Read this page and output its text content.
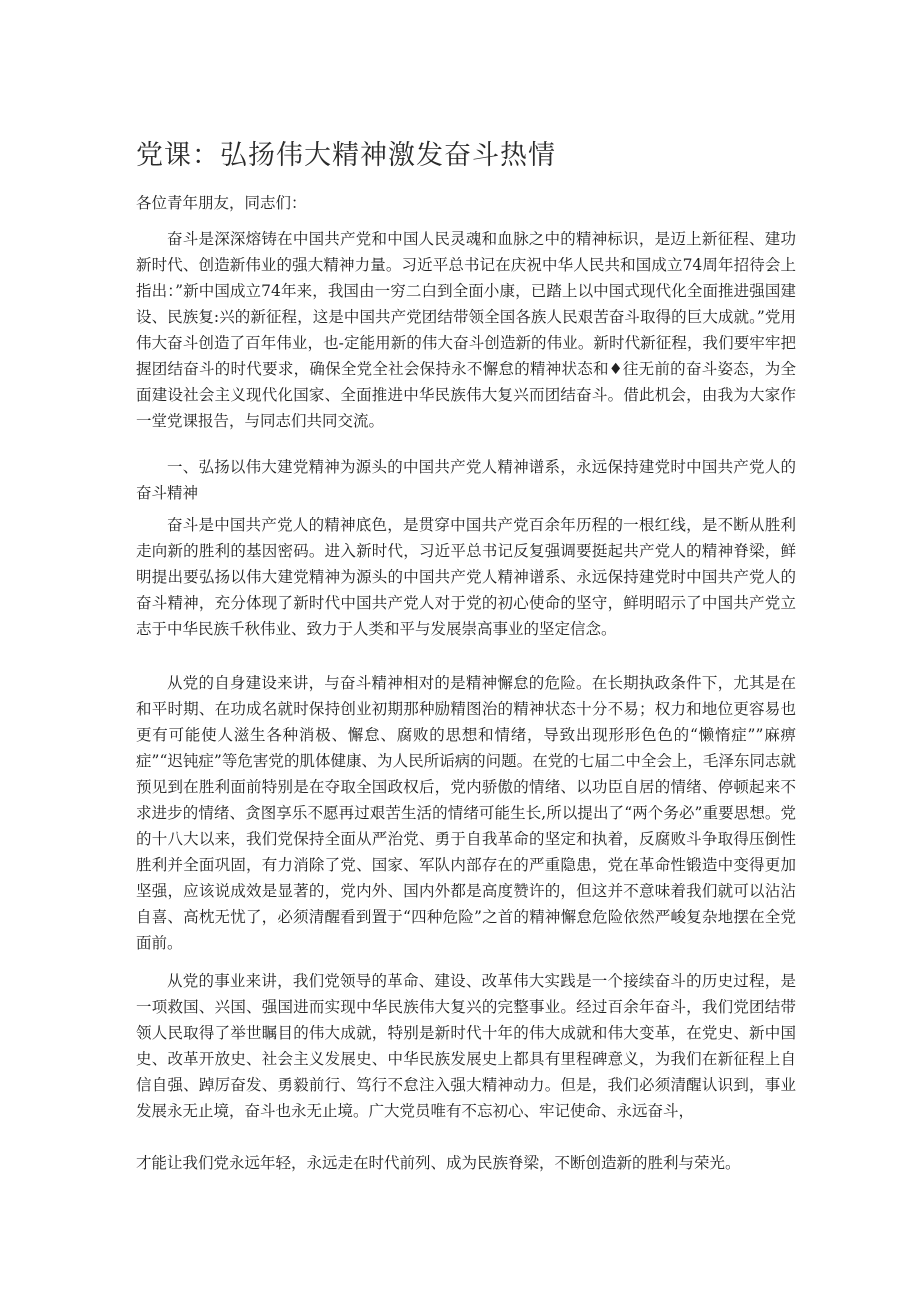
党课：弘扬伟大精神激发奋斗热情
各位青年朋友，同志们：

奋斗是深深熔铸在中国共产党和中国人民灵魂和血脉之中的精神标识，是迈上新征程、建功新时代、创造新伟业的强大精神力量。习近平总书记在庆祝中华人民共和国成立74周年招待会上指出：”新中国成立74年来，我国由一穷二白到全面小康，已踏上以中国式现代化全面推进强国建设、民族复:兴的新征程，这是中国共产党团结带领全国各族人民艰苦奋斗取得的巨大成就。”党用伟大奋斗创造了百年伟业，也-定能用新的伟大奋斗创造新的伟业。新时代新征程，我们要牢牢把握团结奋斗的时代要求，确保全党全社会保持永不懈怠的精神状态和♦往无前的奋斗姿态，为全面建设社会主义现代化国家、全面推进中华民族伟大复兴而团结奋斗。借此机会，由我为大家作一堂党课报告，与同志们共同交流。

一、弘扬以伟大建党精神为源头的中国共产党人精神谱系，永远保持建党时中国共产党人的奋斗精神

奋斗是中国共产党人的精神底色，是贯穿中国共产党百余年历程的一根红线，是不断从胜利走向新的胜利的基因密码。进入新时代，习近平总书记反复强调要挺起共产党人的精神脊梁，鲜明提出要弘扬以伟大建党精神为源头的中国共产党人精神谱系、永远保持建党时中国共产党人的奋斗精神，充分体现了新时代中国共产党人对于党的初心使命的坚守，鲜明昭示了中国共产党立志于中华民族千秋伟业、致力于人类和平与发展崇高事业的坚定信念。

从党的自身建设来讲，与奋斗精神相对的是精神懈怠的危险。在长期执政条件下，尤其是在和平时期、在功成名就时保持创业初期那种励精图治的精神状态十分不易；权力和地位更容易也更有可能使人滋生各种消极、懈怠、腐败的思想和情绪，导致出现形形色色的“懒惰症””麻痹症”“迟钝症”等危害党的肌体健康、为人民所诟病的问题。在党的七届二中全会上，毛泽东同志就预见到在胜利面前特别是在夺取全国政权后，党内骄傲的情绪、以功臣自居的情绪、停顿起来不求进步的情绪、贪图享乐不愿再过艰苦生活的情绪可能生长,所以提出了“两个务必”重要思想。党的十八大以来，我们党保持全面从严治党、勇于自我革命的坚定和执着，反腐败斗争取得压倒性胜利并全面巩固，有力消除了党、国家、军队内部存在的严重隐患，党在革命性锻造中变得更加坚强，应该说成效是显著的，党内外、国内外都是高度赞许的，但这并不意味着我们就可以沾沾自喜、高枕无忧了，必须清醒看到置于“四种危险”之首的精神懈怠危险依然严峻复杂地摆在全党面前。

从党的事业来讲，我们党领导的革命、建设、改革伟大实践是一个接续奋斗的历史过程，是一项救国、兴国、强国进而实现中华民族伟大复兴的完整事业。经过百余年奋斗，我们党团结带领人民取得了举世瞩目的伟大成就，特别是新时代十年的伟大成就和伟大变革，在党史、新中国史、改革开放史、社会主义发展史、中华民族发展史上都具有里程碑意义，为我们在新征程上自信自强、踔厉奋发、勇毅前行、笃行不怠注入强大精神动力。但是，我们必须清醒认识到，事业发展永无止境，奋斗也永无止境。广大党员唯有不忘初心、牢记使命、永远奋斗，

才能让我们党永远年轻，永远走在时代前列、成为民族脊梁，不断创造新的胜利与荣光。
